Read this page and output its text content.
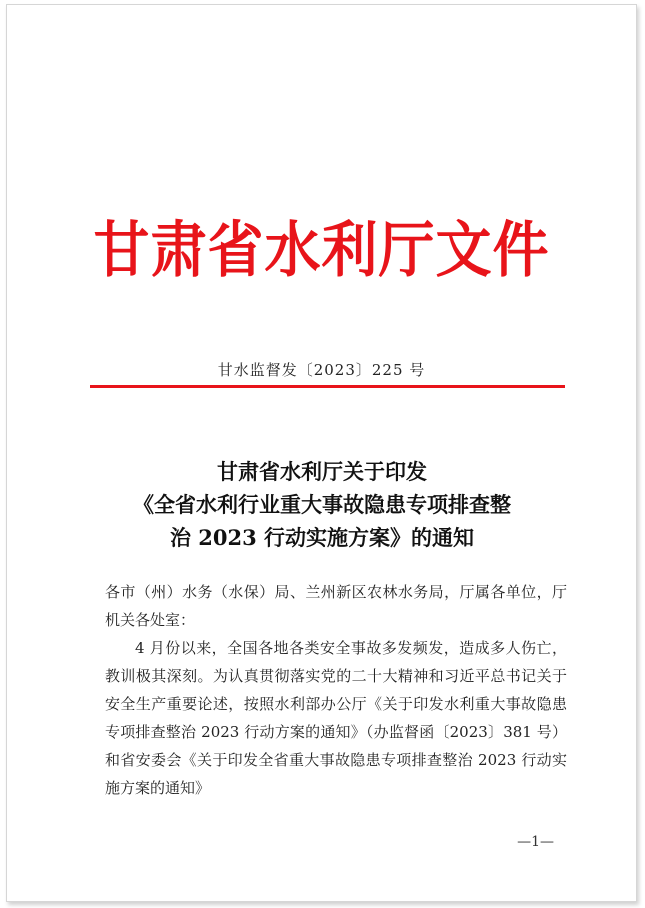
甘肃省水利厅文件
甘水监督发〔2023〕225 号
甘肃省水利厅关于印发
《全省水利行业重大事故隐患专项排查整
治 2023 行动实施方案》的通知

各市（州）水务（水保）局、兰州新区农林水务局，厅属各单位，厅机关各处室：

4 月份以来，全国各地各类安全事故多发频发，造成多人伤亡，教训极其深刻。为认真贯彻落实党的二十大精神和习近平总书记关于安全生产重要论述，按照水利部办公厅《关于印发水利重大事故隐患专项排查整治 2023 行动方案的通知》（办监督函〔2023〕381 号）和省安委会《关于印发全省重大事故隐患专项排查整治 2023 行动实施方案的通知》

—1—
